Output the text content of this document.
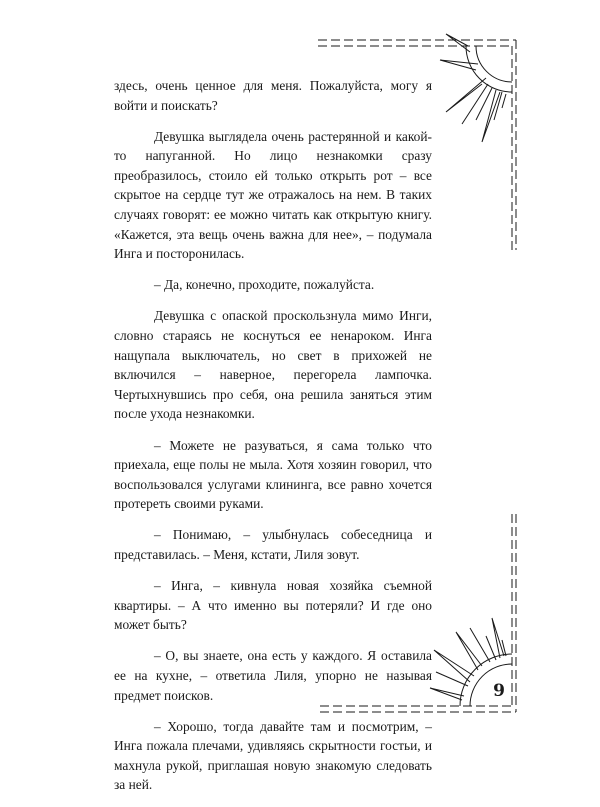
здесь, очень ценное для меня. Пожалуйста, могу я войти и поискать?

Девушка выглядела очень растерянной и какой-то напуганной. Но лицо незнакомки сразу преобразилось, стоило ей только открыть рот – все скрытое на сердце тут же отражалось на нем. В таких случаях говорят: ее можно читать как открытую книгу. «Кажется, эта вещь очень важна для нее», – подумала Инга и посторонилась.

– Да, конечно, проходите, пожалуйста.

Девушка с опаской проскользнула мимо Инги, словно стараясь не коснуться ее ненароком. Инга нащупала выключатель, но свет в прихожей не включился – наверное, перегорела лампочка. Чертыхнувшись про себя, она решила заняться этим после ухода незнакомки.

– Можете не разуваться, я сама только что приехала, еще полы не мыла. Хотя хозяин говорил, что воспользовался услугами клининга, все равно хочется протереть своими руками.

– Понимаю, – улыбнулась собеседница и представилась. – Меня, кстати, Лиля зовут.

– Инга, – кивнула новая хозяйка съемной квартиры. – А что именно вы потеряли? И где оно может быть?

– О, вы знаете, она есть у каждого. Я оставила ее на кухне, – ответила Лиля, упорно не называя предмет поисков.

– Хорошо, тогда давайте там и посмотрим, – Инга пожала плечами, удивляясь скрытности гостьи, и махнула рукой, приглашая новую знакомую следовать за ней.

9
